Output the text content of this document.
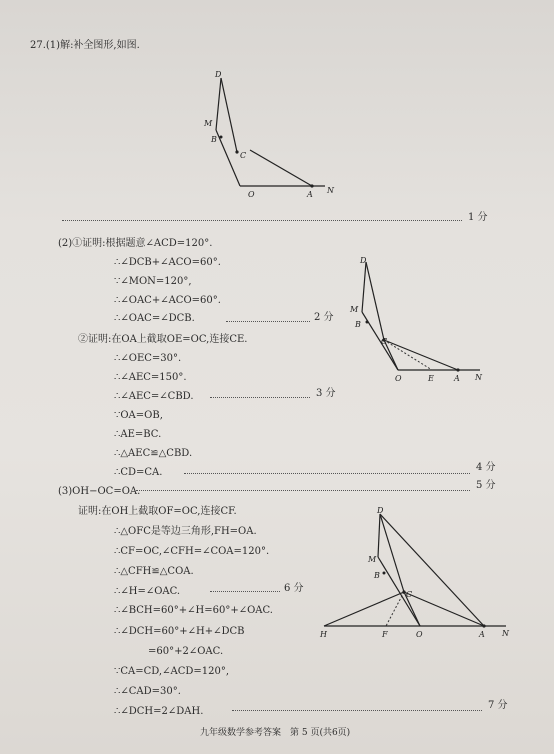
27.(1)解:补全图形,如图.
D
M
B
C
O	A N
1 分
(2)①证明:根据题意∠ACD=120°.
∴∠DCB+∠ACO=60°.
∵∠MON=120°,
∴∠OAC+∠ACO=60°.
∴∠OAC=∠DCB.	2 分
②证明:在OA上截取OE=OC,连接CE.
∴∠OEC=30°.
∴∠AEC=150°.
∴∠AEC=∠CBD.	3 分
∵OA=OB,
∴AE=BC.
∴△AEC≌△CBD.
∴CD=CA.	4 分
D
M
B
C
O	E	A N
(3)OH−OC=OA.
5 分
证明:在OH上截取OF=OC,连接CF.
∴△OFC是等边三角形,FH=OA.
∴CF=OC,∠CFH=∠COA=120°.
∴△CFH≌△COA.
∴∠H=∠OAC.	6 分
∴∠BCH=60°+∠H=60°+∠OAC.
∴∠DCH=60°+∠H+∠DCB
=60°+2∠OAC.
∵CA=CD,∠ACD=120°,
∴∠CAD=30°.
∴∠DCH=2∠DAH.
7 分
D
M
B
C
H	F	O	A N
九年级数学参考答案　第 5 页(共6页)
